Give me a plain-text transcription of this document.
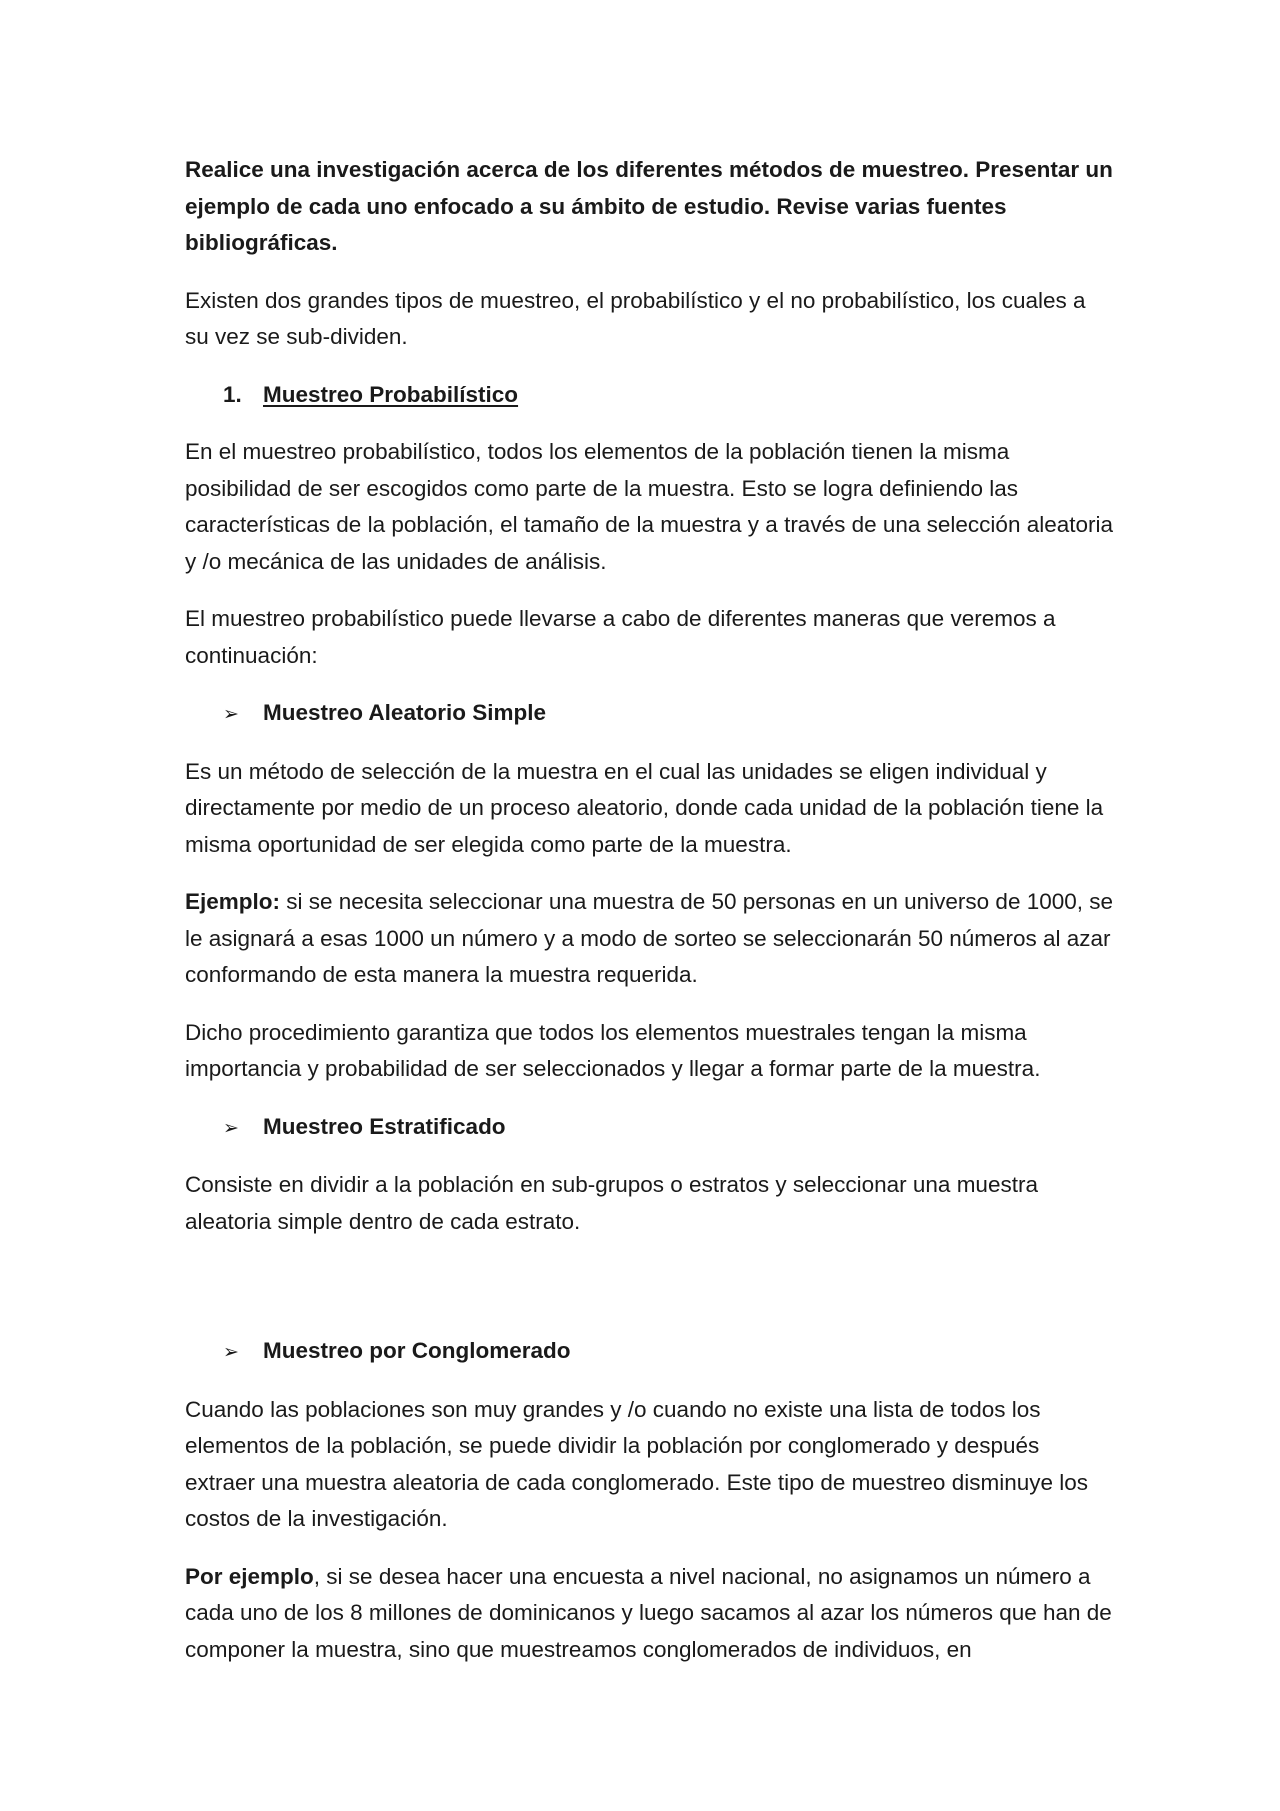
Realice una investigación acerca de los diferentes métodos de muestreo. Presentar un ejemplo de cada uno enfocado a su ámbito de estudio. Revise varias fuentes bibliográficas.

Existen dos grandes tipos de muestreo, el probabilístico y el no probabilístico, los cuales a su vez se sub-dividen.

1. Muestreo Probabilístico

En el muestreo probabilístico, todos los elementos de la población tienen la misma posibilidad de ser escogidos como parte de la muestra. Esto se logra definiendo las características de la población, el tamaño de la muestra y a través de una selección aleatoria y /o mecánica de las unidades de análisis.

El muestreo probabilístico puede llevarse a cabo de diferentes maneras que veremos a continuación:

➢	Muestreo Aleatorio Simple

Es un método de selección de la muestra en el cual las unidades se eligen individual y directamente por medio de un proceso aleatorio, donde cada unidad de la población tiene la misma oportunidad de ser elegida como parte de la muestra.

Ejemplo: si se necesita seleccionar una muestra de 50 personas en un universo de 1000, se le asignará a esas 1000 un número y a modo de sorteo se seleccionarán 50 números al azar conformando de esta manera la muestra requerida.

Dicho procedimiento garantiza que todos los elementos muestrales tengan la misma importancia y probabilidad de ser seleccionados y llegar a formar parte de la muestra.

➢	Muestreo Estratificado

Consiste en dividir a la población en sub-grupos o estratos y seleccionar una muestra aleatoria simple dentro de cada estrato.

➢	Muestreo por Conglomerado

Cuando las poblaciones son muy grandes y /o cuando no existe una lista de todos los elementos de la población, se puede dividir la población por conglomerado y después extraer una muestra aleatoria de cada conglomerado. Este tipo de muestreo disminuye los costos de la investigación.

Por ejemplo, si se desea hacer una encuesta a nivel nacional, no asignamos un número a cada uno de los 8 millones de dominicanos y luego sacamos al azar los números que han de componer la muestra, sino que muestreamos conglomerados de individuos, en
